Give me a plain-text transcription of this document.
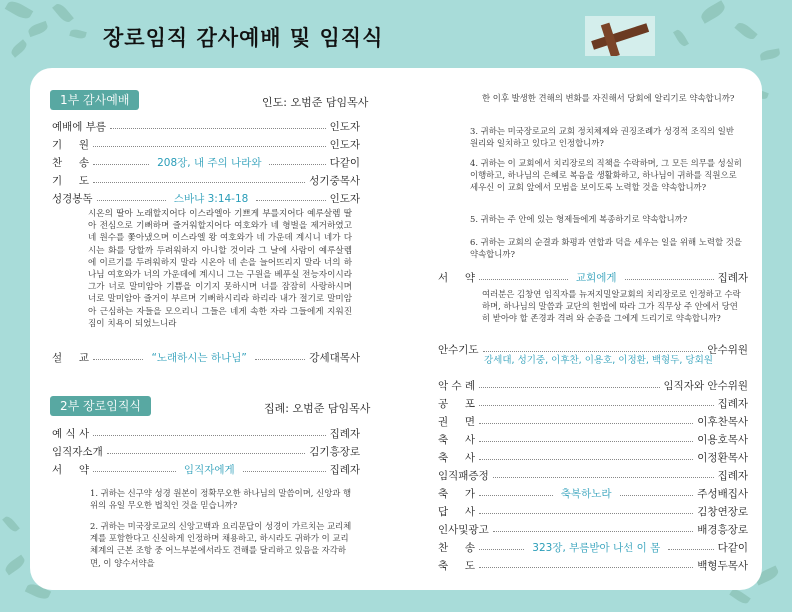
장로임직 감사예배 및 임직식
1부 감사예배	인도: 오범준 담임목사
예배에 부름	인도자
기     원	인도자
찬     송	208장, 내 주의 나라와	다같이
기     도	성기중목사
성경봉독	스바냐 3:14-18	인도자
시온의 딸아 노래할지어다 이스라엘아 기쁘게 부를지어다 예루살렘 딸아 전심으로 기뻐하며 즐거워할지어다 여호와가 네 형벌을 제거하였고 네 원수를 쫓아냈으며 이스라엘 왕 여호와가 네 가운데 계시니 네가 다시는 화를 당할까 두려워하지 아니할 것이라 그 날에 사람이 예루살렘에 이르기를 두려워하지 말라 시온아 네 손을 늘어뜨리지 말라 너의 하나님 여호와가 너의 가운데에 계시니 그는 구원을 베푸실 전능자이시라 그가 너로 말미암아 기쁨을 이기지 못하시며 너를 잠잠히 사랑하시며 너로 말미암아 즐거이 부르며 기뻐하시리라 하리라 내가 절기로 말미암아 근심하는 자들을 모으리니 그들은 네게 속한 자라 그들에게 지워진 짐이 치욕이 되었느니라
설     교	“노래하시는 하나님”	강세대목사
2부 장로임직식	집례: 오범준 담임목사
예 식 사	집례자
임직자소개	김기흥장로
서     약	임직자에게	집례자
1. 귀하는 신구약 성경 원본이 정확무오한 하나님의 말씀이며, 신앙과 행위의 유일 무오한 법칙인 것을 믿습니까?
2. 귀하는 미국장로교의 신앙고백과 요리문답이 성경이 가르치는 교리체계를 포함한다고 신실하게 인정하며 채용하고, 하시라도 귀하가 이 교리체계의 근본 조항 중 어느부분에서라도 견해를 달리하고 있음을 자각하면, 이 양수서약을
한 이후 발생한 견해의 변화를 자진해서 당회에 알리기로 약속합니까?
3. 귀하는 미국장로교의 교회 정치체제와 권징조례가 성경적 조직의 일반 원리와 일치하고 있다고 인정합니까?
4. 귀하는 이 교회에서 치리장로의 직책을 수락하며, 그 모든 의무를 성실히 이행하고, 하나님의 은혜로 복음을 생활화하고, 하나님이 귀하를 직원으로 세우신 이 교회 앞에서 모범을 보이도록 노력할 것을 약속합니까?
5. 귀하는 주 안에 있는 형제들에게 복종하기로 약속합니까?
6. 귀하는 교회의 순결과 화평과 연합과 덕을 세우는 일을 위해 노력할 것을 약속합니까?
서     약	교회에게	집례자
여러분은 김창연 임직자를 뉴저지밀알교회의 치리장로로 인정하고 수락하며, 하나님의 말씀과 교단의 헌법에 따라 그가 직무상 주 안에서 당연히 받아야 할 존경과 격려 와 순종을 그에게 드리기로 약속합니까?
안수기도	안수위원
강세대, 성기중, 이후찬, 이용호, 이정환, 백형두, 당회원
악 수 례	임직자와 안수위원
공     포	집례자
권     면	이후찬목사
축     사	이용호목사
축     사	이정환목사
임직패증정	집례자
축     가	축복하노라	주성배집사
답     사	김창연장로
인사및광고	배경흥장로
찬     송	323장, 부름받아 나선 이 몸	다같이
축     도	백형두목사
